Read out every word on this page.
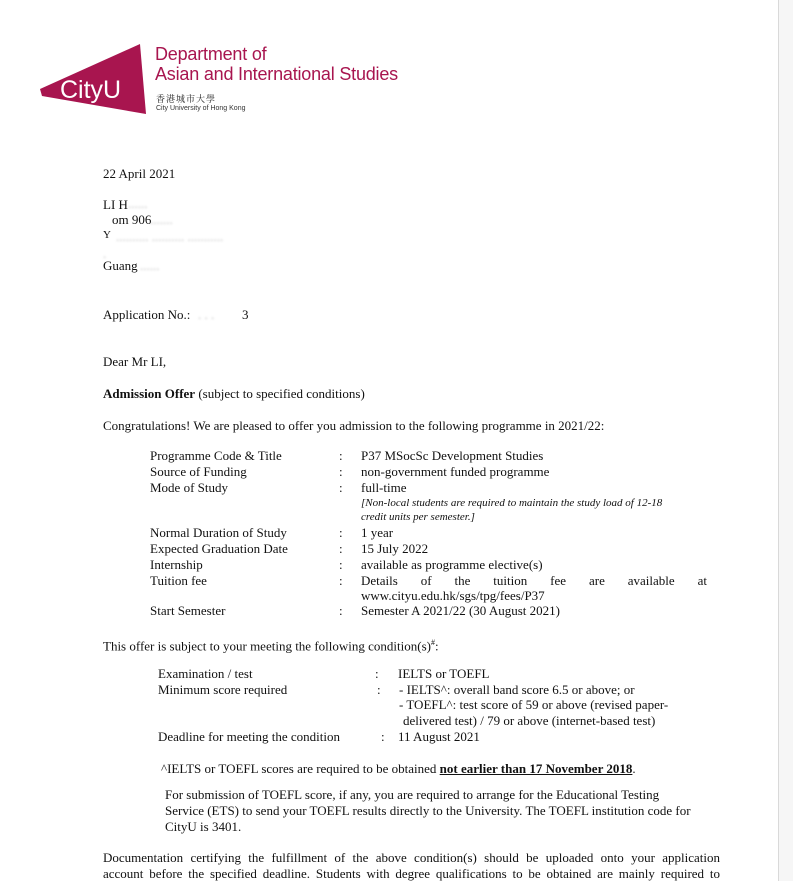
CityU
Department of
Asian and International Studies
香港城市大學
City University of Hong Kong
22 April 2021
LI H ......
om 906
.......
Y .......... .......... ...........
.
Guang ......
Application No.: . . . 3
Dear Mr LI,
Admission Offer (subject to specified conditions)
Congratulations! We are pleased to offer you admission to the following programme in 2021/22:
Programme Code & Title	: P37 MSocSc Development Studies
Source of Funding	: non-government funded programme
Mode of Study	: full-time
[Non-local students are required to maintain the study load of 12-18
credit units per semester.]
Normal Duration of Study	: 1 year
Expected Graduation Date	: 15 July 2022
Internship	: available as programme elective(s)
Tuition fee	: Details of the tuition fee are available at
www.cityu.edu.hk/sgs/tpg/fees/P37
Start Semester	: Semester A 2021/22 (30 August 2021)
This offer is subject to your meeting the following condition(s)#:
Examination / test	: IELTS or TOEFL
Minimum score required	: - IELTS^: overall band score 6.5 or above; or
- TOEFL^: test score of 59 or above (revised paper-
delivered test) / 79 or above (internet-based test)
Deadline for meeting the condition	: 11 August 2021
^IELTS or TOEFL scores are required to be obtained not earlier than 17 November 2018.
For submission of TOEFL score, if any, you are required to arrange for the Educational Testing
Service (ETS) to send your TOEFL results directly to the University. The TOEFL institution code for
CityU is 3401.
Documentation certifying the fulfillment of the above condition(s) should be uploaded onto your application
account before the specified deadline. Students with degree qualifications to be obtained are mainly required to
